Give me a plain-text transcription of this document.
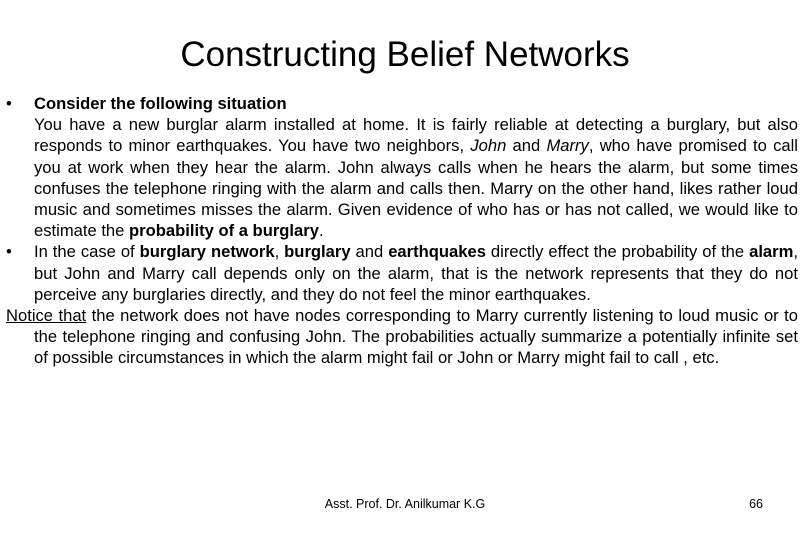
Constructing Belief Networks

• Consider the following situation

You have a new burglar alarm installed at home. It is fairly reliable at detecting a burglary, but also responds to minor earthquakes. You have two neighbors, John and Marry, who have promised to call you at work when they hear the alarm. John always calls when he hears the alarm, but some times confuses the telephone ringing with the alarm and calls then. Marry on the other hand, likes rather loud music and sometimes misses the alarm. Given evidence of who has or has not called, we would like to estimate the probability of a burglary.

• In the case of burglary network, burglary and earthquakes directly effect the probability of the alarm, but John and Marry call depends only on the alarm, that is the network represents that they do not perceive any burglaries directly, and they do not feel the minor earthquakes.

Notice that the network does not have nodes corresponding to Marry currently listening to loud music or to the telephone ringing and confusing John. The probabilities actually summarize a potentially infinite set of possible circumstances in which the alarm might fail or John or Marry might fail to call , etc.

Asst. Prof. Dr. Anilkumar K.G	66
